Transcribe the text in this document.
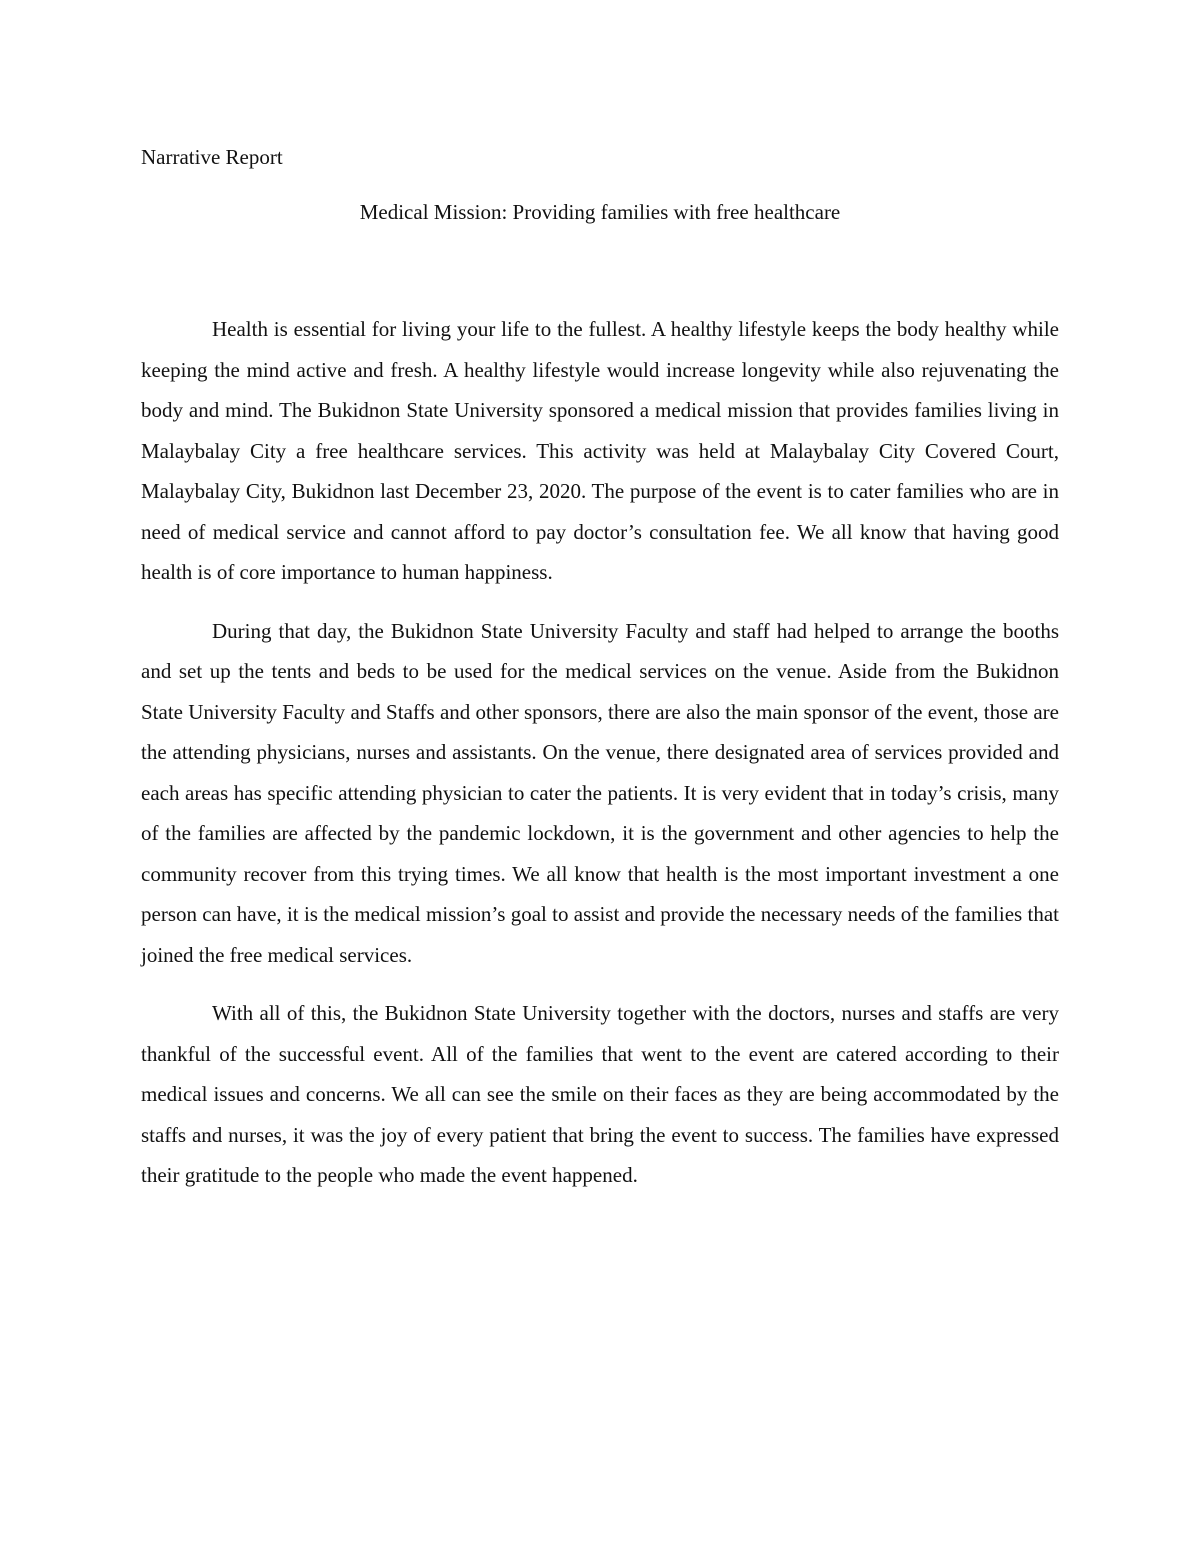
Narrative Report

Medical Mission: Providing families with free healthcare

Health is essential for living your life to the fullest. A healthy lifestyle keeps the body healthy while keeping the mind active and fresh. A healthy lifestyle would increase longevity while also rejuvenating the body and mind. The Bukidnon State University sponsored a medical mission that provides families living in Malaybalay City a free healthcare services. This activity was held at Malaybalay City Covered Court, Malaybalay City, Bukidnon last December 23, 2020. The purpose of the event is to cater families who are in need of medical service and cannot afford to pay doctor’s consultation fee. We all know that having good health is of core importance to human happiness.

During that day, the Bukidnon State University Faculty and staff had helped to arrange the booths and set up the tents and beds to be used for the medical services on the venue. Aside from the Bukidnon State University Faculty and Staffs and other sponsors, there are also the main sponsor of the event, those are the attending physicians, nurses and assistants. On the venue, there designated area of services provided and each areas has specific attending physician to cater the patients. It is very evident that in today’s crisis, many of the families are affected by the pandemic lockdown, it is the government and other agencies to help the community recover from this trying times. We all know that health is the most important investment a one person can have, it is the medical mission’s goal to assist and provide the necessary needs of the families that joined the free medical services.

With all of this, the Bukidnon State University together with the doctors, nurses and staffs are very thankful of the successful event. All of the families that went to the event are catered according to their medical issues and concerns. We all can see the smile on their faces as they are being accommodated by the staffs and nurses, it was the joy of every patient that bring the event to success. The families have expressed their gratitude to the people who made the event happened.
